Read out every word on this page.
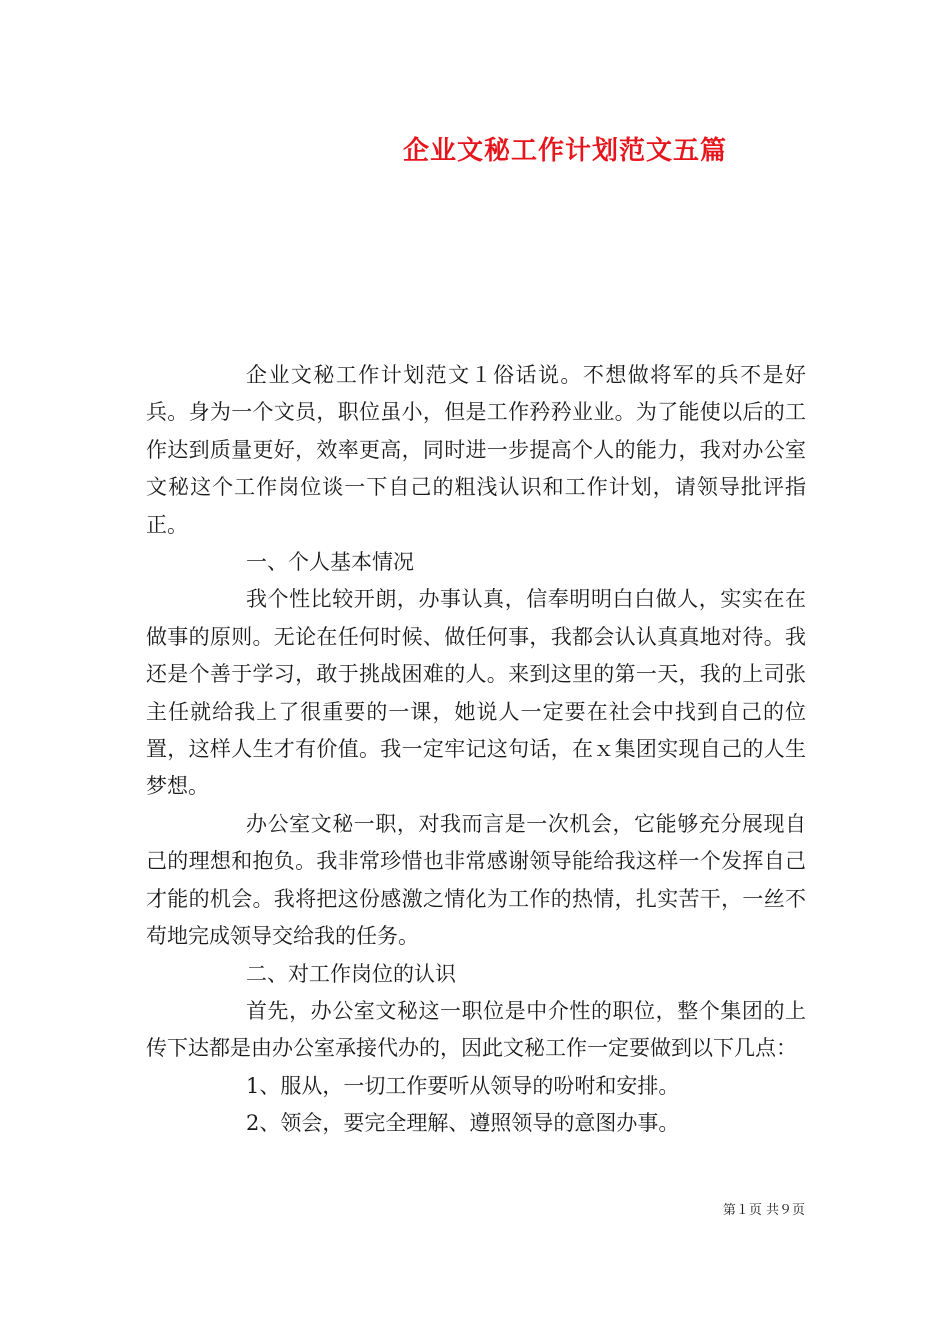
企业文秘工作计划范文五篇

企业文秘工作计划范文１俗话说。不想做将军的兵不是好兵。身为一个文员，职位虽小，但是工作矜矜业业。为了能使以后的工作达到质量更好，效率更高，同时进一步提高个人的能力，我对办公室文秘这个工作岗位谈一下自己的粗浅认识和工作计划，请领导批评指正。

一、个人基本情况

我个性比较开朗，办事认真，信奉明明白白做人，实实在在做事的原则。无论在任何时候、做任何事，我都会认认真真地对待。我还是个善于学习，敢于挑战困难的人。来到这里的第一天，我的上司张主任就给我上了很重要的一课，她说人一定要在社会中找到自己的位置，这样人生才有价值。我一定牢记这句话，在ｘ集团实现自己的人生梦想。

办公室文秘一职，对我而言是一次机会，它能够充分展现自己的理想和抱负。我非常珍惜也非常感谢领导能给我这样一个发挥自己才能的机会。我将把这份感激之情化为工作的热情，扎实苦干，一丝不苟地完成领导交给我的任务。

二、对工作岗位的认识

首先，办公室文秘这一职位是中介性的职位，整个集团的上传下达都是由办公室承接代办的，因此文秘工作一定要做到以下几点：

1、服从，一切工作要听从领导的吩咐和安排。

2、领会，要完全理解、遵照领导的意图办事。

第１页 共９页
